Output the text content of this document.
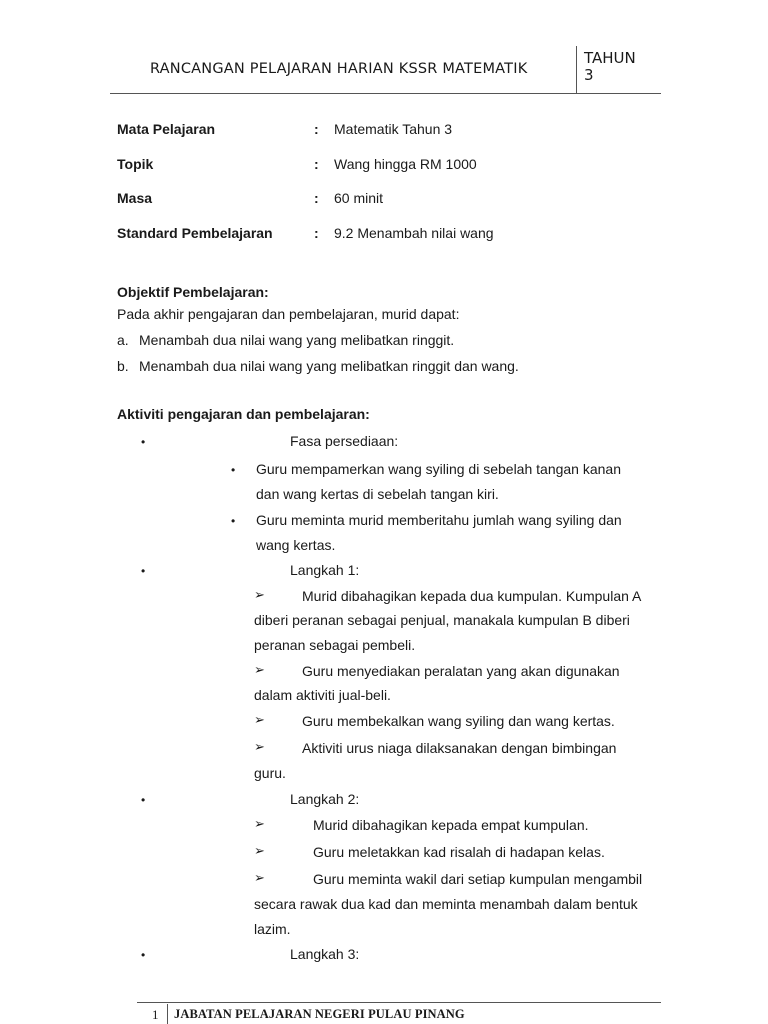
RANCANGAN PELAJARAN HARIAN KSSR MATEMATIK
TAHUN
3
Mata Pelajaran	: Matematik Tahun 3
Topik	: Wang hingga RM 1000
Masa	: 60 minit
Standard Pembelajaran	: 9.2 Menambah nilai wang
Objektif Pembelajaran:
Pada akhir pengajaran dan pembelajaran, murid dapat:
a. Menambah dua nilai wang yang melibatkan ringgit.
b. Menambah dua nilai wang yang melibatkan ringgit dan wang.
Aktiviti pengajaran dan pembelajaran:
•	Fasa persediaan:
• Guru mempamerkan wang syiling di sebelah tangan kanan
dan wang kertas di sebelah tangan kiri.
• Guru meminta murid memberitahu jumlah wang syiling dan
wang kertas.
•	Langkah 1:
➢	Murid dibahagikan kepada dua kumpulan. Kumpulan A
diberi peranan sebagai penjual, manakala kumpulan B diberi
peranan sebagai pembeli.
➢	Guru menyediakan peralatan yang akan digunakan
dalam aktiviti jual-beli.
➢	Guru membekalkan wang syiling dan wang kertas.
➢	Aktiviti urus niaga dilaksanakan dengan bimbingan
guru.
•	Langkah 2:
➢	Murid dibahagikan kepada empat kumpulan.
➢	Guru meletakkan kad risalah di hadapan kelas.
➢	Guru meminta wakil dari setiap kumpulan mengambil
secara rawak dua kad dan meminta menambah dalam bentuk
lazim.
•	Langkah 3:
1 JABATAN PELAJARAN NEGERI PULAU PINANG
